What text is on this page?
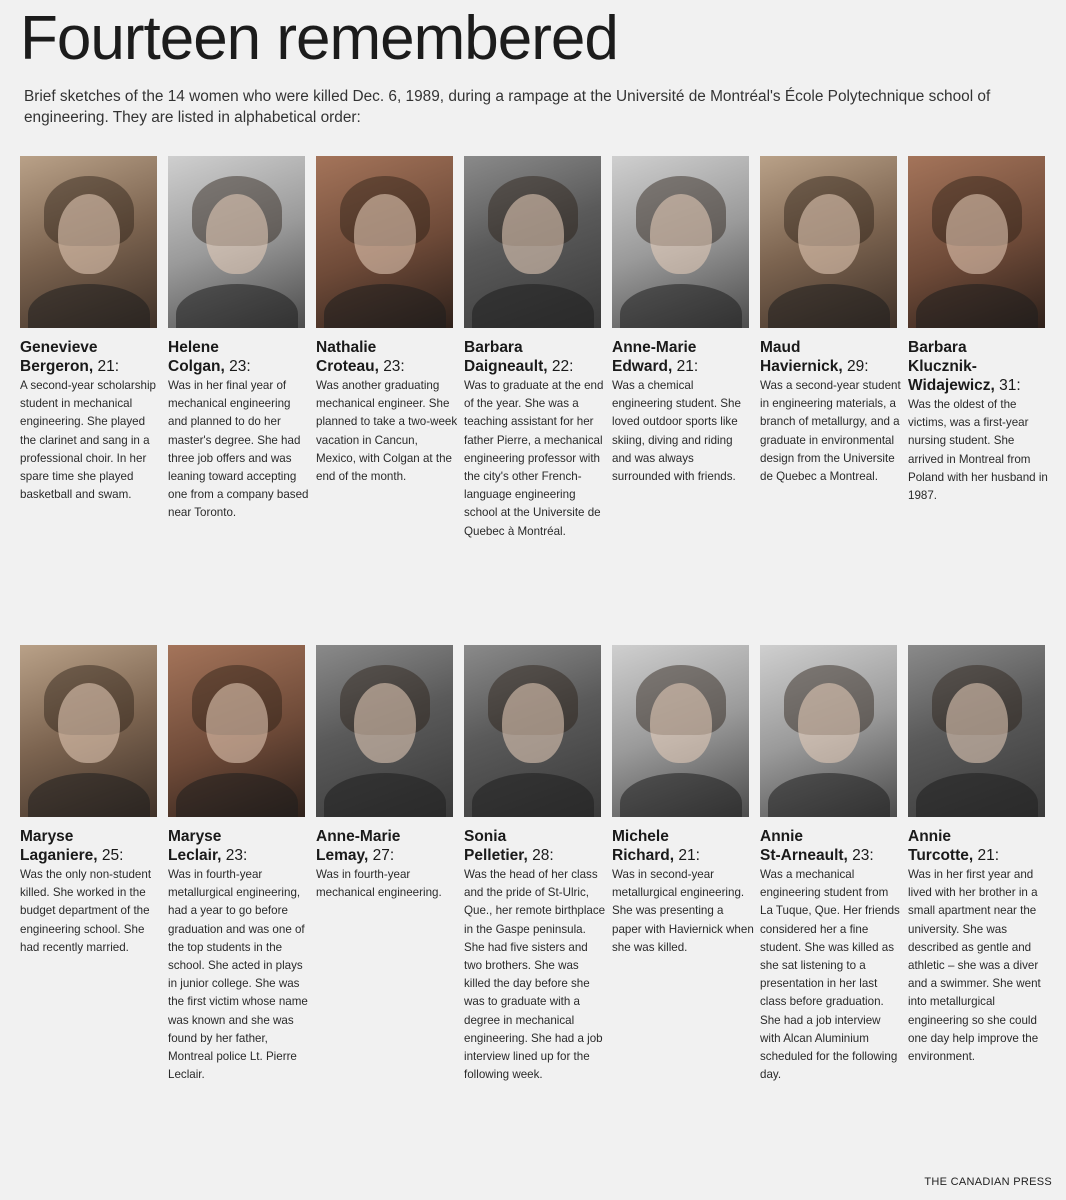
Fourteen remembered

Brief sketches of the 14 women who were killed Dec. 6, 1989, during a rampage at the Université de Montréal's École Polytechnique school of engineering. They are listed in alphabetical order:

Genevieve
Bergeron, 21:
A second-year scholarship student in mechanical engineering. She played the clarinet and sang in a professional choir. In her spare time she played basketball and swam.
Helene
Colgan, 23:
Was in her final year of mechanical engineering and planned to do her master's degree. She had three job offers and was leaning toward accepting one from a company based near Toronto.
Nathalie
Croteau, 23:
Was another graduating mechanical engineer. She planned to take a two-week vacation in Cancun, Mexico, with Colgan at the end of the month.
Barbara
Daigneault, 22:
Was to graduate at the end of the year. She was a teaching assistant for her father Pierre, a mechanical engineering professor with the city's other French-language engineering school at the Universite de Quebec à Montréal.
Anne-Marie
Edward, 21:
Was a chemical engineering student. She loved outdoor sports like skiing, diving and riding and was always surrounded with friends.
Maud
Haviernick, 29:
Was a second-year student in engineering materials, a branch of metallurgy, and a graduate in environmental design from the Universite de Quebec a Montreal.
Barbara
Klucznik-Widajewicz, 31:
Was the oldest of the victims, was a first-year nursing student. She arrived in Montreal from Poland with her husband in 1987.
Maryse
Laganiere, 25:
Was the only non-student killed. She worked in the budget department of the engineering school. She had recently married.
Maryse
Leclair, 23:
Was in fourth-year metallurgical engineering, had a year to go before graduation and was one of the top students in the school. She acted in plays in junior college. She was the first victim whose name was known and she was found by her father, Montreal police Lt. Pierre Leclair.
Anne-Marie
Lemay, 27:
Was in fourth-year mechanical engineering.
Sonia
Pelletier, 28:
Was the head of her class and the pride of St-Ulric, Que., her remote birthplace in the Gaspe peninsula. She had five sisters and two brothers. She was killed the day before she was to graduate with a degree in mechanical engineering. She had a job interview lined up for the following week.
Michele
Richard, 21:
Was in second-year metallurgical engineering. She was presenting a paper with Haviernick when she was killed.
Annie
St-Arneault, 23:
Was a mechanical engineering student from La Tuque, Que. Her friends considered her a fine student. She was killed as she sat listening to a presentation in her last class before graduation. She had a job interview with Alcan Aluminium scheduled for the following day.
Annie
Turcotte, 21:
Was in her first year and lived with her brother in a small apartment near the university. She was described as gentle and athletic – she was a diver and a swimmer. She went into metallurgical engineering so she could one day help improve the environment.
THE CANADIAN PRESS
